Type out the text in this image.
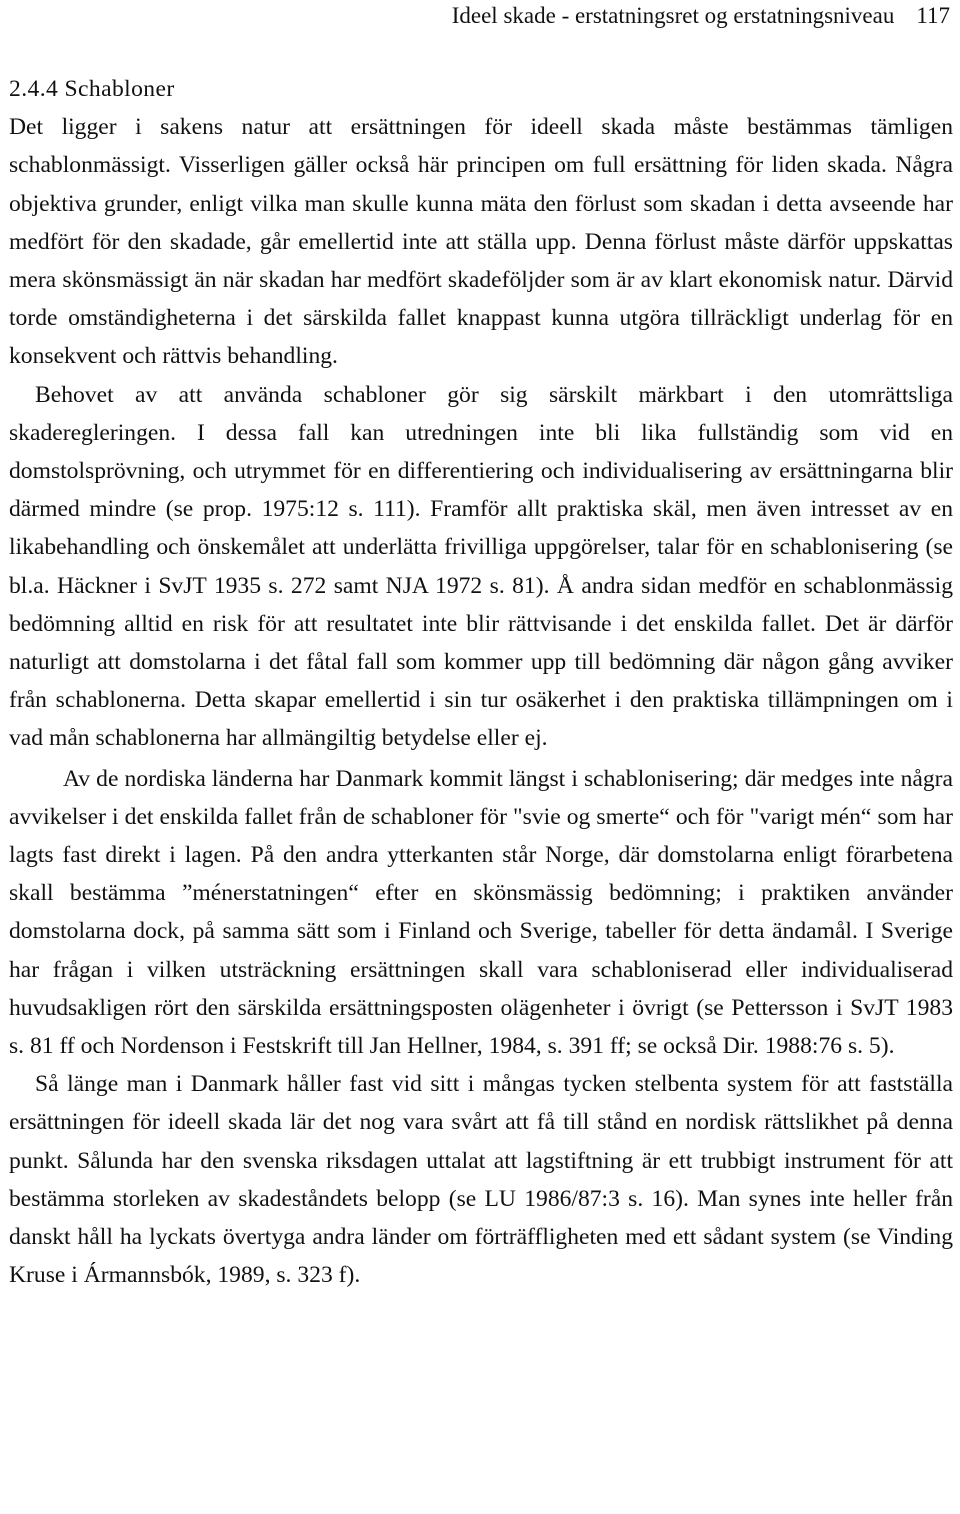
Ideel skade - erstatningsret og erstatningsniveau 117
2.4.4 Schabloner

Det ligger i sakens natur att ersättningen för ideell skada måste bestämmas tämligen schablonmässigt. Visserligen gäller också här principen om full ersättning för liden skada. Några objektiva grunder, enligt vilka man skulle kunna mäta den förlust som skadan i detta avseende har medfört för den skadade, går emellertid inte att ställa upp. Denna förlust måste därför uppskattas mera skönsmässigt än när skadan har medfört skadeföljder som är av klart ekonomisk natur. Därvid torde omständigheterna i det särskilda fallet knappast kunna utgöra tillräckligt underlag för en konsekvent och rättvis behandling.

Behovet av att använda schabloner gör sig särskilt märkbart i den utomrättsliga skaderegleringen. I dessa fall kan utredningen inte bli lika fullständig som vid en domstolsprövning, och utrymmet för en differentiering och individualisering av ersättningarna blir därmed mindre (se prop. 1975:12 s. 111). Framför allt praktiska skäl, men även intresset av en likabehandling och önskemålet att underlätta frivilliga uppgörelser, talar för en schablonisering (se bl.a. Häckner i SvJT 1935 s. 272 samt NJA 1972 s. 81). Å andra sidan medför en schablonmässig bedömning alltid en risk för att resultatet inte blir rättvisande i det enskilda fallet. Det är därför naturligt att domstolarna i det fåtal fall som kommer upp till bedömning där någon gång avviker från schablonerna. Detta skapar emellertid i sin tur osäkerhet i den praktiska tillämpningen om i vad mån schablonerna har allmängiltig betydelse eller ej.

Av de nordiska länderna har Danmark kommit längst i schablonisering; där medges inte några avvikelser i det enskilda fallet från de schabloner för "svie og smerte“ och för "varigt mén“ som har lagts fast direkt i lagen. På den andra ytterkanten står Norge, där domstolarna enligt förarbetena skall bestämma ”ménerstatningen“ efter en skönsmässig bedömning; i praktiken använder domstolarna dock, på samma sätt som i Finland och Sverige, tabeller för detta ändamål. I Sverige har frågan i vilken utsträckning ersättningen skall vara schabloniserad eller individualiserad huvudsakligen rört den särskilda ersättningsposten olägenheter i övrigt (se Pettersson i SvJT 1983 s. 81 ff och Nordenson i Festskrift till Jan Hellner, 1984, s. 391 ff; se också Dir. 1988:76 s. 5).

Så länge man i Danmark håller fast vid sitt i mångas tycken stelbenta system för att fastställa ersättningen för ideell skada lär det nog vara svårt att få till stånd en nordisk rättslikhet på denna punkt. Sålunda har den svenska riksdagen uttalat att lagstiftning är ett trubbigt instrument för att bestämma storleken av skadeståndets belopp (se LU 1986/87:3 s. 16). Man synes inte heller från danskt håll ha lyckats övertyga andra länder om förträffligheten med ett sådant system (se Vinding Kruse i Ármannsbók, 1989, s. 323 f).
